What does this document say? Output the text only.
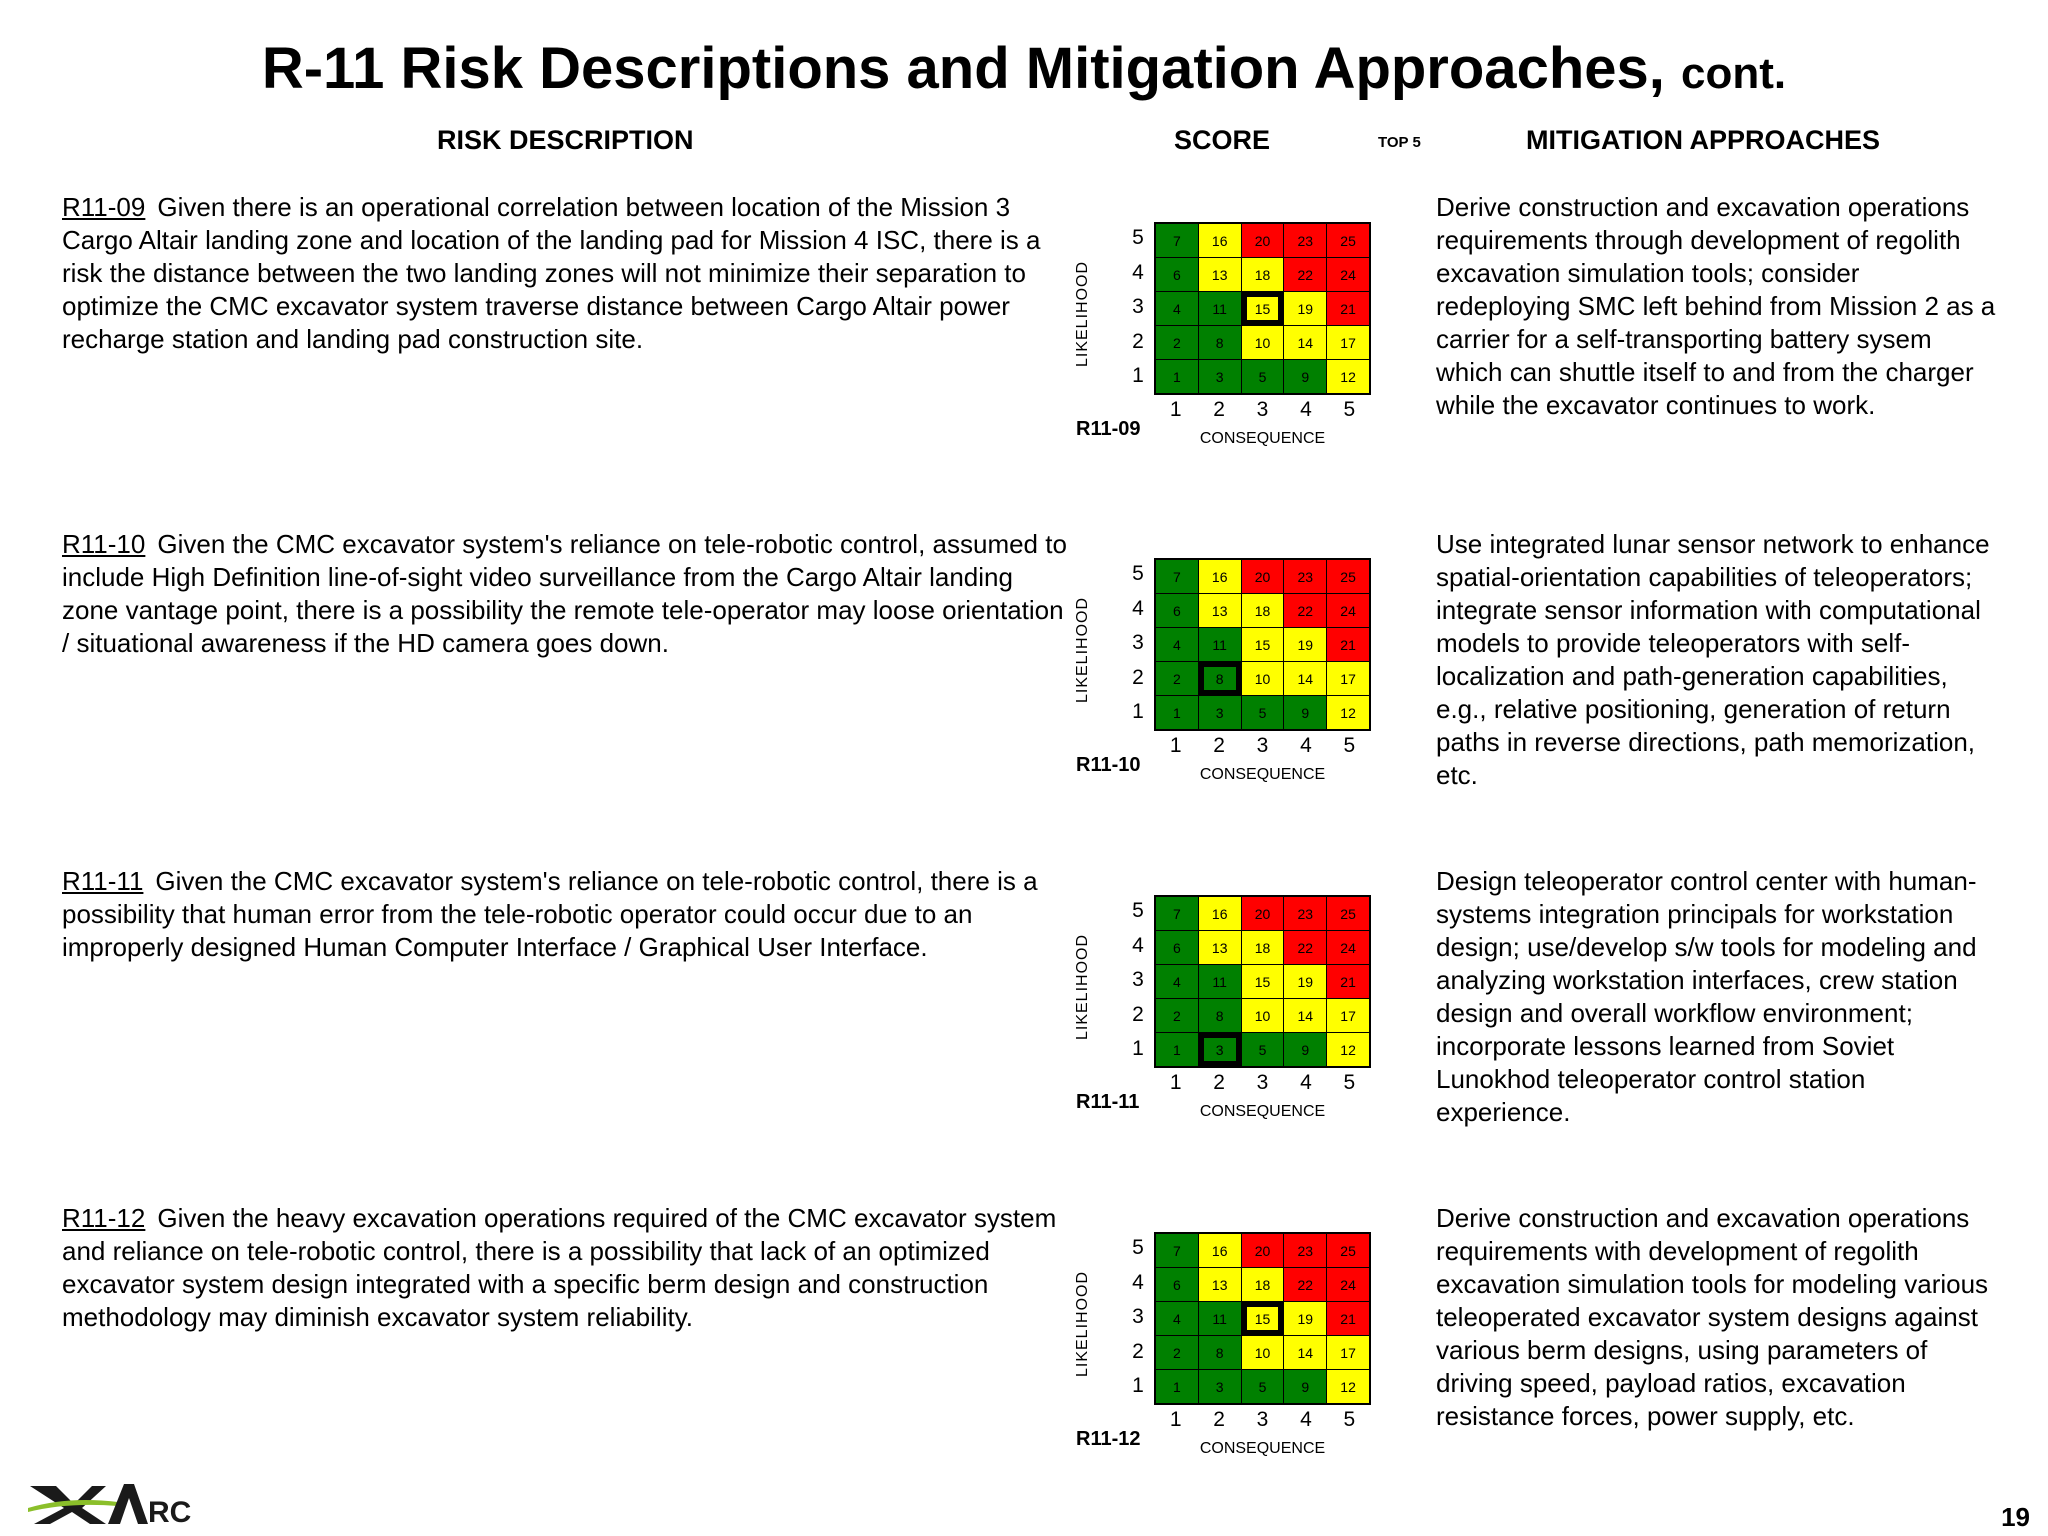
R-11 Risk Descriptions and Mitigation Approaches, cont.
RISK DESCRIPTION	SCORE	TOP 5	MITIGATION APPROACHES
R11-09 Given there is an operational correlation between location of the Mission 3 Cargo Altair landing zone and location of the landing pad for Mission 4 ISC, there is a risk the distance between the two landing zones will not minimize their separation to optimize the CMC excavator system traverse distance between Cargo Altair power recharge station and landing pad construction site.	LIKELIHOOD
5
4
3
2
1
7	16	20	23	25
6	13	18	22	24
4	11	15	19	21
2	8	10	14	17
1	3	5	9	12
1	2	3	4	5
CONSEQUENCE
R11-09
Derive construction and excavation operations requirements through development of regolith excavation simulation tools; consider redeploying SMC left behind from Mission 2 as a carrier for a self-transporting battery sysem which can shuttle itself to and from the charger while the excavator continues to work.
R11-10 Given the CMC excavator system's reliance on tele-robotic control, assumed to include High Definition line-of-sight video surveillance from the Cargo Altair landing zone vantage point, there is a possibility the remote tele-operator may loose orientation / situational awareness if the HD camera goes down.	LIKELIHOOD
5
4
3
2
1
7	16	20	23	25
6	13	18	22	24
4	11	15	19	21
2	8	10	14	17
1	3	5	9	12
1	2	3	4	5
CONSEQUENCE
R11-10
Use integrated lunar sensor network to enhance spatial-orientation capabilities of teleoperators; integrate sensor information with computational models to provide teleoperators with self-localization and path-generation capabilities, e.g., relative positioning, generation of return paths in reverse directions, path memorization, etc.
R11-11 Given the CMC excavator system's reliance on tele-robotic control, there is a possibility that human error from the tele-robotic operator could occur due to an improperly designed Human Computer Interface / Graphical User Interface.	LIKELIHOOD
5
4
3
2
1
7	16	20	23	25
6	13	18	22	24
4	11	15	19	21
2	8	10	14	17
1	3	5	9	12
1	2	3	4	5
CONSEQUENCE
R11-11
Design teleoperator control center with human-systems integration principals for workstation design; use/develop s/w tools for modeling and analyzing workstation interfaces, crew station design and overall workflow environment; incorporate lessons learned from Soviet Lunokhod teleoperator control station experience.
R11-12 Given the heavy excavation operations required of the CMC excavator system and reliance on tele-robotic control, there is a possibility that lack of an optimized excavator system design integrated with a specific berm design and construction methodology may diminish excavator system reliability.	LIKELIHOOD
5
4
3
2
1
7	16	20	23	25
6	13	18	22	24
4	11	15	19	21
2	8	10	14	17
1	3	5	9	12
1	2	3	4	5
CONSEQUENCE
R11-12
Derive construction and excavation operations requirements with development of regolith excavation simulation tools for modeling various teleoperated excavator system designs against various berm designs, using parameters of driving speed, payload ratios, excavation resistance forces, power supply, etc.
RC	19
